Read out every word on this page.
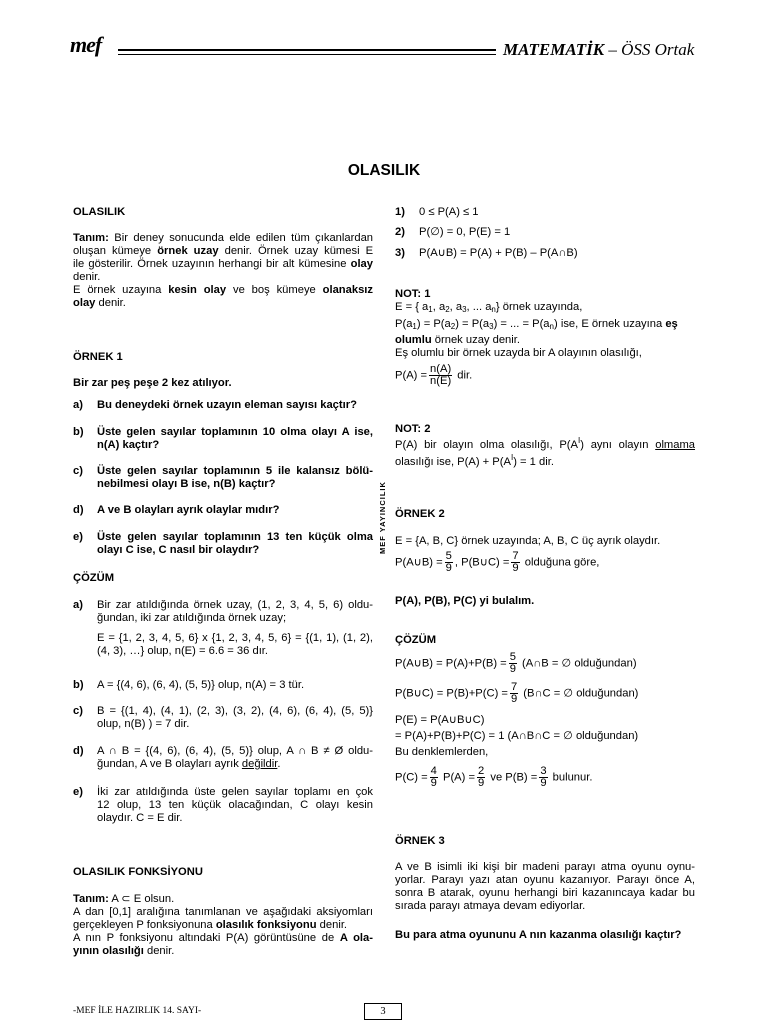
mef	MATEMATİK – ÖSS Ortak
OLASILIK
MEF YAYINCILIK
OLASILIK
Tanım: Bir deney sonucunda elde edilen tüm çıkanlardan
oluşan kümeye örnek uzay denir. Örnek uzay kümesi E
ile gösterilir. Örnek uzayının herhangi bir alt kümesine olay
denir.
E örnek uzayına kesin olay ve boş kümeye olanaksız
olay denir.
ÖRNEK 1
Bir zar peş peşe 2 kez atılıyor.
a)	Bu deneydeki örnek uzayın eleman sayısı kaçtır?
b)	Üste gelen sayılar toplamının 10 olma olayı A ise,
n(A) kaçtır?
c)	Üste gelen sayılar toplamının 5 ile kalansız bölü-
nebilmesi olayı B ise, n(B) kaçtır?
d)	A ve B olayları ayrık olaylar mıdır?
e)	Üste gelen sayılar toplamının 13 ten küçük olma
olayı C ise, C nasıl bir olaydır?
ÇÖZÜM
a)	Bir zar atıldığında örnek uzay, (1, 2, 3, 4, 5, 6) oldu-
ğundan, iki zar atıldığında örnek uzay;
E = {1, 2, 3, 4, 5, 6} x {1, 2, 3, 4, 5, 6} = {(1, 1), (1, 2),
(4, 3), …} olup, n(E) = 6.6 = 36 dır.
b)	A = {(4, 6), (6, 4), (5, 5)} olup, n(A) = 3 tür.
c)	B = {(1, 4), (4, 1), (2, 3), (3, 2), (4, 6), (6, 4), (5, 5)}
olup, n(B) ) = 7 dir.
d)	A ∩ B = {(4, 6), (6, 4), (5, 5)} olup, A ∩ B ≠ Ø oldu-
ğundan, A ve B olayları ayrık değildir.
e)	İki zar atıldığında üste gelen sayılar toplamı en çok
12 olup, 13 ten küçük olacağından, C olayı kesin
olaydır. C = E dir.
OLASILIK FONKSİYONU
Tanım: A ⊂ E olsun.
A dan [0,1] aralığına tanımlanan ve aşağıdaki aksiyomları
gerçekleyen P fonksiyonuna olasılık fonksiyonu denir.
A nın P fonksiyonu altındaki P(A) görüntüsüne de A ola-
yının olasılığı denir.
1)	0 ≤ P(A) ≤ 1
2)	P(∅) = 0, P(E) = 1
3)	P(A∪B) = P(A) + P(B) – P(A∩B)
NOT: 1
E = { $a_1$, $a_2$, $a_3$, ... $a_n$} örnek uzayında,
$P(a_1) = P(a_2) = P(a_3)$ = ... = $P(a_n)$ ise, E örnek uzayına eş
olumlu örnek uzay denir.
Eş olumlu bir örnek uzayda bir A olayının olasılığı,
$P(A) = \frac{n(A)}{n(E)}$ dir.
NOT: 2
P(A) bir olayın olma olasılığı, $P(A^I)$ aynı olayın olmama
olasılığı ise, $P(A) + P(A^I) = 1$ dir.
ÖRNEK 2
E = {A, B, C} örnek uzayında; A, B, C üç ayrık olaydır.
P(A∪B) = $\frac{5}{9}$ , P(B∪C) = $\frac{7}{9}$ olduğuna göre,
P(A), P(B), P(C) yi bulalım.
ÇÖZÜM
P(A∪B) = $P(A)+P(B) = \frac{5}{9}$ (A∩B = ∅ olduğundan)
P(B∪C) = $P(B)+P(C) = \frac{7}{9}$ (B∩C = ∅ olduğundan)
P(E) = P(A∪B∪C)
= P(A)+P(B)+P(C) = 1 (A∩B∩C = ∅ olduğundan)
Bu denklemlerden,
$P(C) = \frac{4}{9} P(A) = \frac{2}{9}$ ve $P(B) = \frac{3}{9}$ bulunur.
ÖRNEK 3
A ve B isimli iki kişi bir madeni parayı atma oyunu oynu-
yorlar. Parayı yazı atan oyunu kazanıyor. Parayı önce A,
sonra B atarak, oyunu herhangi biri kazanıncaya kadar bu
sırada parayı atmaya devam ediyorlar.
Bu para atma oyununu A nın kazanma olasılığı kaçtır?
-MEF İLE HAZIRLIK 14. SAYI-	3
